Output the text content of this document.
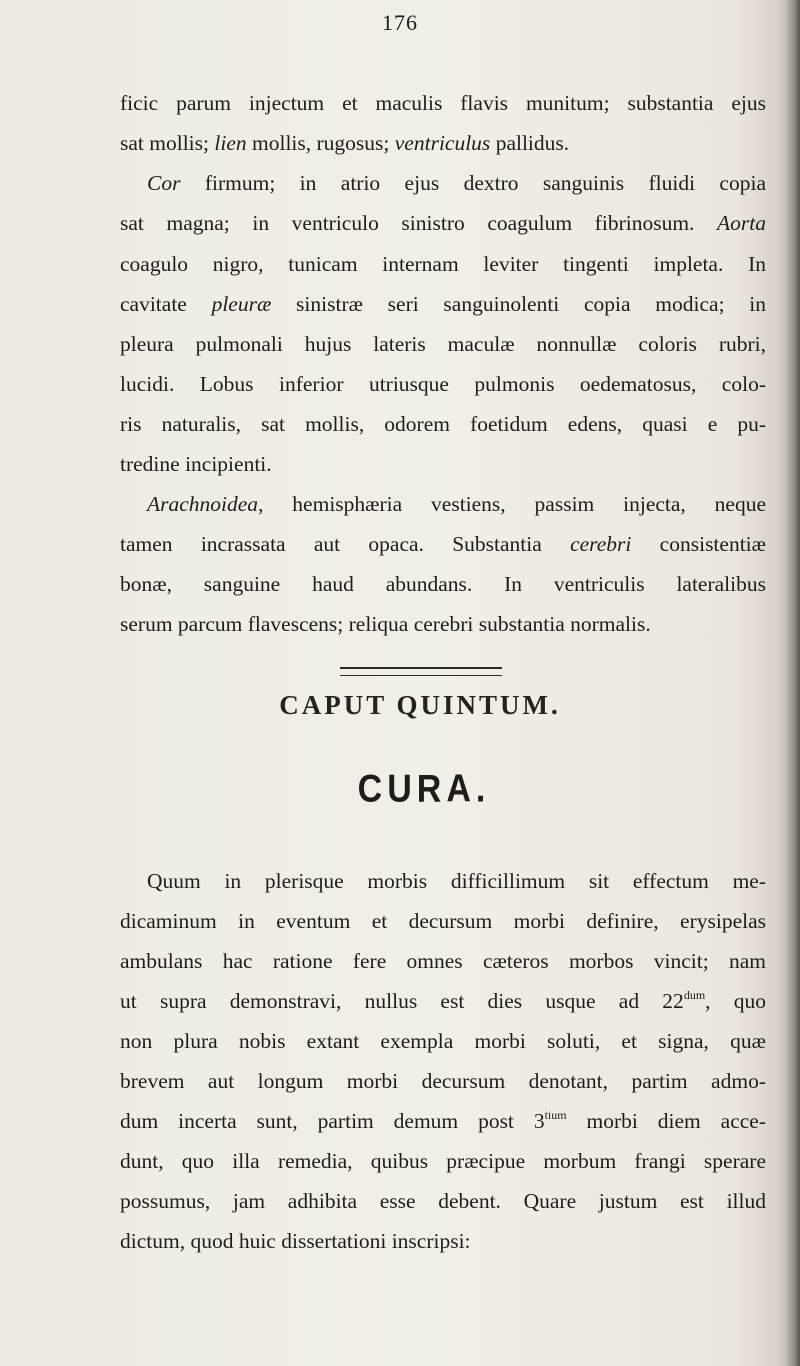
176
ficic parum injectum et maculis flavis munitum; substantia ejus
sat mollis; lien mollis, rugosus; ventriculus pallidus.
Cor firmum; in atrio ejus dextro sanguinis fluidi copia
sat magna; in ventriculo sinistro coagulum fibrinosum. Aorta
coagulo nigro, tunicam internam leviter tingenti impleta. In
cavitate pleuræ sinistræ seri sanguinolenti copia modica; in
pleura pulmonali hujus lateris maculæ nonnullæ coloris rubri,
lucidi. Lobus inferior utriusque pulmonis oedematosus, colo-
ris naturalis, sat mollis, odorem foetidum edens, quasi e pu-
tredine incipienti.
Arachnoidea, hemisphæria vestiens, passim injecta, neque
tamen incrassata aut opaca. Substantia cerebri consistentiæ
bonæ, sanguine haud abundans. In ventriculis lateralibus
serum parcum flavescens; reliqua cerebri substantia normalis.
CAPUT QUINTUM.
CURA.
Quum in plerisque morbis difficillimum sit effectum me-
dicaminum in eventum et decursum morbi definire, erysipelas
ambulans hac ratione fere omnes cæteros morbos vincit; nam
ut supra demonstravi, nullus est dies usque ad $22^{dum}$, quo
non plura nobis extant exempla morbi soluti, et signa, quæ
brevem aut longum morbi decursum denotant, partim admo-
dum incerta sunt, partim demum post $3^{tium}$ morbi diem acce-
dunt, quo illa remedia, quibus præcipue morbum frangi sperare
possumus, jam adhibita esse debent. Quare justum est illud
dictum, quod huic dissertationi inscripsi:
